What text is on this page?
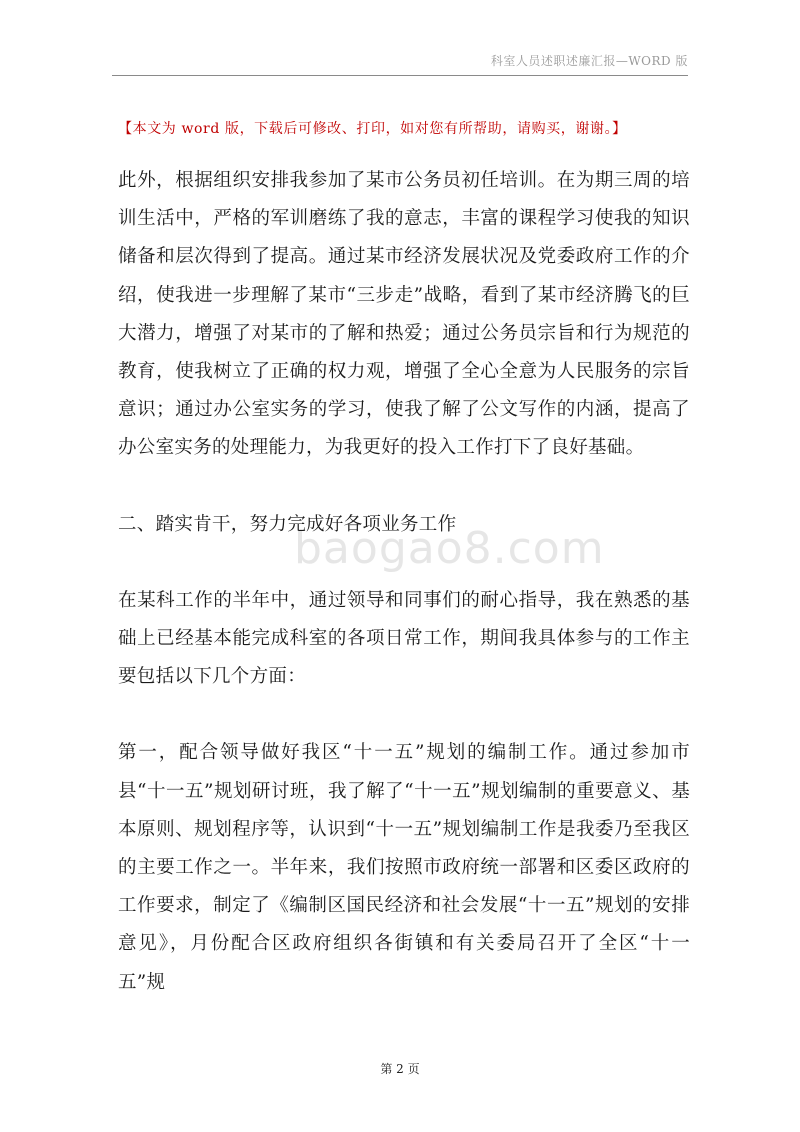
科室人员述职述廉汇报—WORD 版
【本文为 word 版，下载后可修改、打印，如对您有所帮助，请购买，谢谢。】
baogao8.com

此外，根据组织安排我参加了某市公务员初任培训。在为期三周的培训生活中，严格的军训磨练了我的意志，丰富的课程学习使我的知识储备和层次得到了提高。通过某市经济发展状况及党委政府工作的介绍，使我进一步理解了某市“三步走”战略，看到了某市经济腾飞的巨大潜力，增强了对某市的了解和热爱；通过公务员宗旨和行为规范的教育，使我树立了正确的权力观，增强了全心全意为人民服务的宗旨意识；通过办公室实务的学习，使我了解了公文写作的内涵，提高了办公室实务的处理能力，为我更好的投入工作打下了良好基础。

二、踏实肯干，努力完成好各项业务工作

在某科工作的半年中，通过领导和同事们的耐心指导，我在熟悉的基础上已经基本能完成科室的各项日常工作，期间我具体参与的工作主要包括以下几个方面：

第一，配合领导做好我区“十一五”规划的编制工作。通过参加市县“十一五”规划研讨班，我了解了“十一五”规划编制的重要意义、基本原则、规划程序等，认识到“十一五”规划编制工作是我委乃至我区的主要工作之一。半年来，我们按照市政府统一部署和区委区政府的工作要求，制定了《编制区国民经济和社会发展“十一五”规划的安排意见》，月份配合区政府组织各街镇和有关委局召开了全区“十一五”规

第 2 页
